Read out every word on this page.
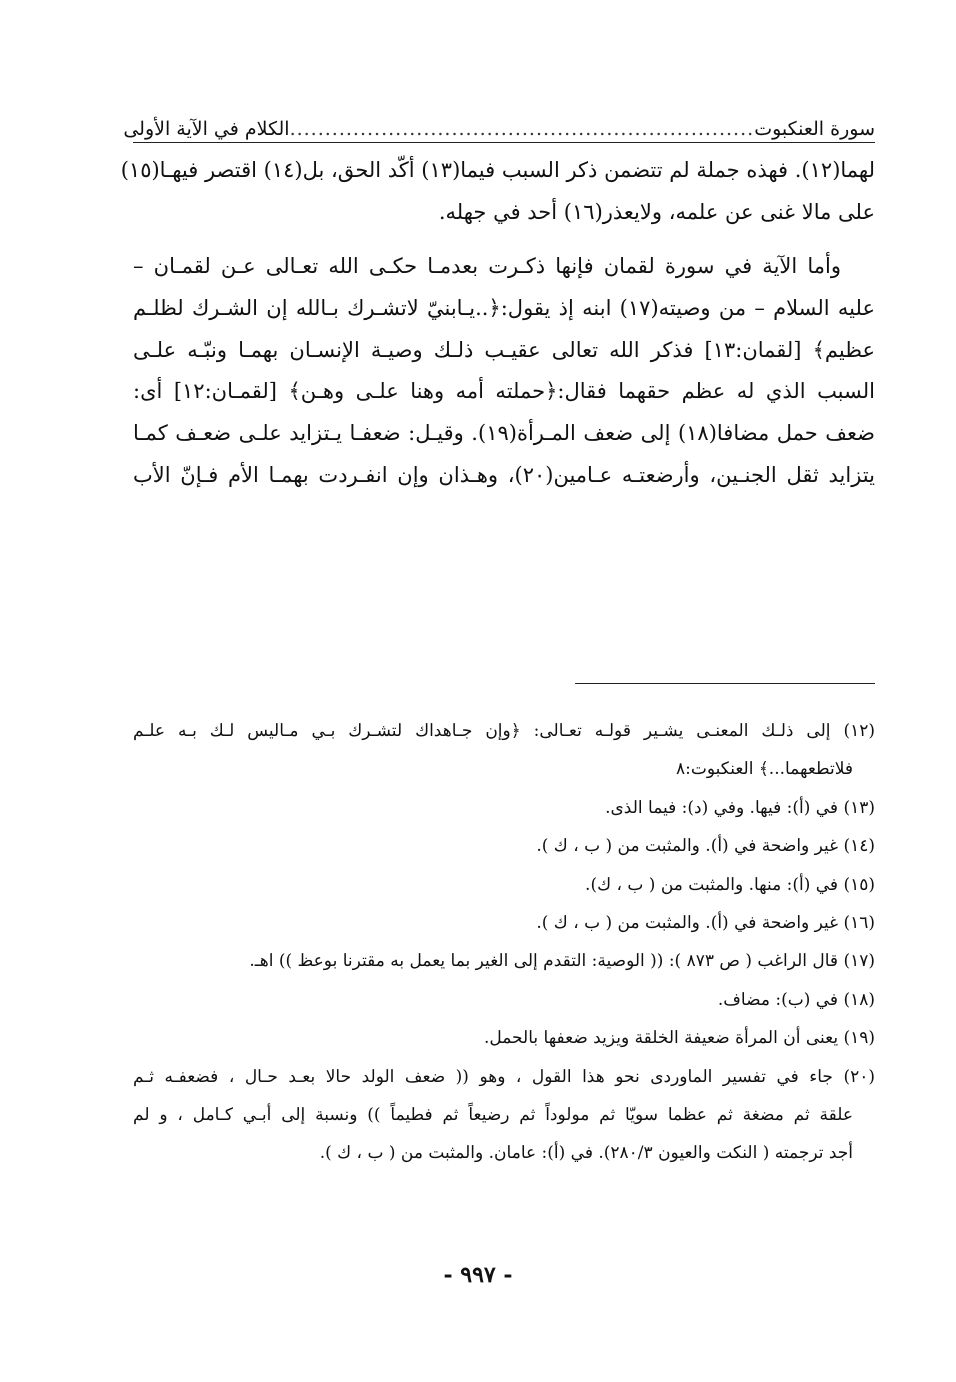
سورة العنكبوت
..................................................................
الكلام في الآية الأولى
لهما(١٢). فهذه جملة لم تتضمن ذكر السبب فيما(١٣) أكّد الحق، بل(١٤) اقتصر فيهـا(١٥)
على مالا غنى عن علمه، ولايعذر(١٦) أحد في جهله.
وأما الآية في سورة لقمان فإنها ذكـرت بعدمـا حكـى الله تعـالى عـن لقمـان –
عليه السلام – من وصيته(١٧) ابنه إذ يقول:﴿..يـابنيّ لاتشـرك بـالله إن الشـرك لظلـم
عظيم﴾ [لقمان:١٣] فذكر الله تعالى عقيـب ذلـك وصيـة الإنسـان بهمـا ونبّـه علـى
السبب الذي له عظم حقهما فقال:﴿حملته أمه وهنا علـى وهـن﴾ [لقمـان:١٢] أى:
ضعف حمل مضافا(١٨) إلى ضعف المـرأة(١٩). وقيـل: ضعفـا يـتزايد علـى ضعـف كمـا
يتزايد ثقل الجنـين، وأرضعتـه عـامين(٢٠)، وهـذان وإن انفـردت بهمـا الأم فـإنّ الأب
(١٢) إلى ذلـك المعنـى يشـير قولـه تعـالى: ﴿وإن جـاهداك لتشـرك بـي مـاليس لـك بـه علـم
فلاتطعهما...﴾ العنكبوت:٨
(١٣) في (أ): فيها. وفي (د): فيما الذى.
(١٤) غير واضحة في (أ). والمثبت من ( ب ، ك ).
(١٥) في (أ): منها. والمثبت من ( ب ، ك).
(١٦) غير واضحة في (أ). والمثبت من ( ب ، ك ).
(١٧) قال الراغب ( ص ٨٧٣ ): (( الوصية: التقدم إلى الغير بما يعمل به مقترنا بوعظ )) اهـ.
(١٨) في (ب): مضاف.
(١٩) يعنى أن المرأة ضعيفة الخلقة ويزيد ضعفها بالحمل.
(٢٠) جاء في تفسير الماوردى نحو هذا القول ، وهو (( ضعف الولد حالا بعـد حـال ، فضعفـه ثـم
علقة ثم مضغة ثم عظما سويّا ثم مولوداً ثم رضيعاً ثم فطيماً )) ونسبة إلى أبـي كـامل ، و لم
أجد ترجمته ( النكت والعيون ٢٨٠/٣). في (أ): عامان. والمثبت من ( ب ، ك ).
- ٩٩٧ -
